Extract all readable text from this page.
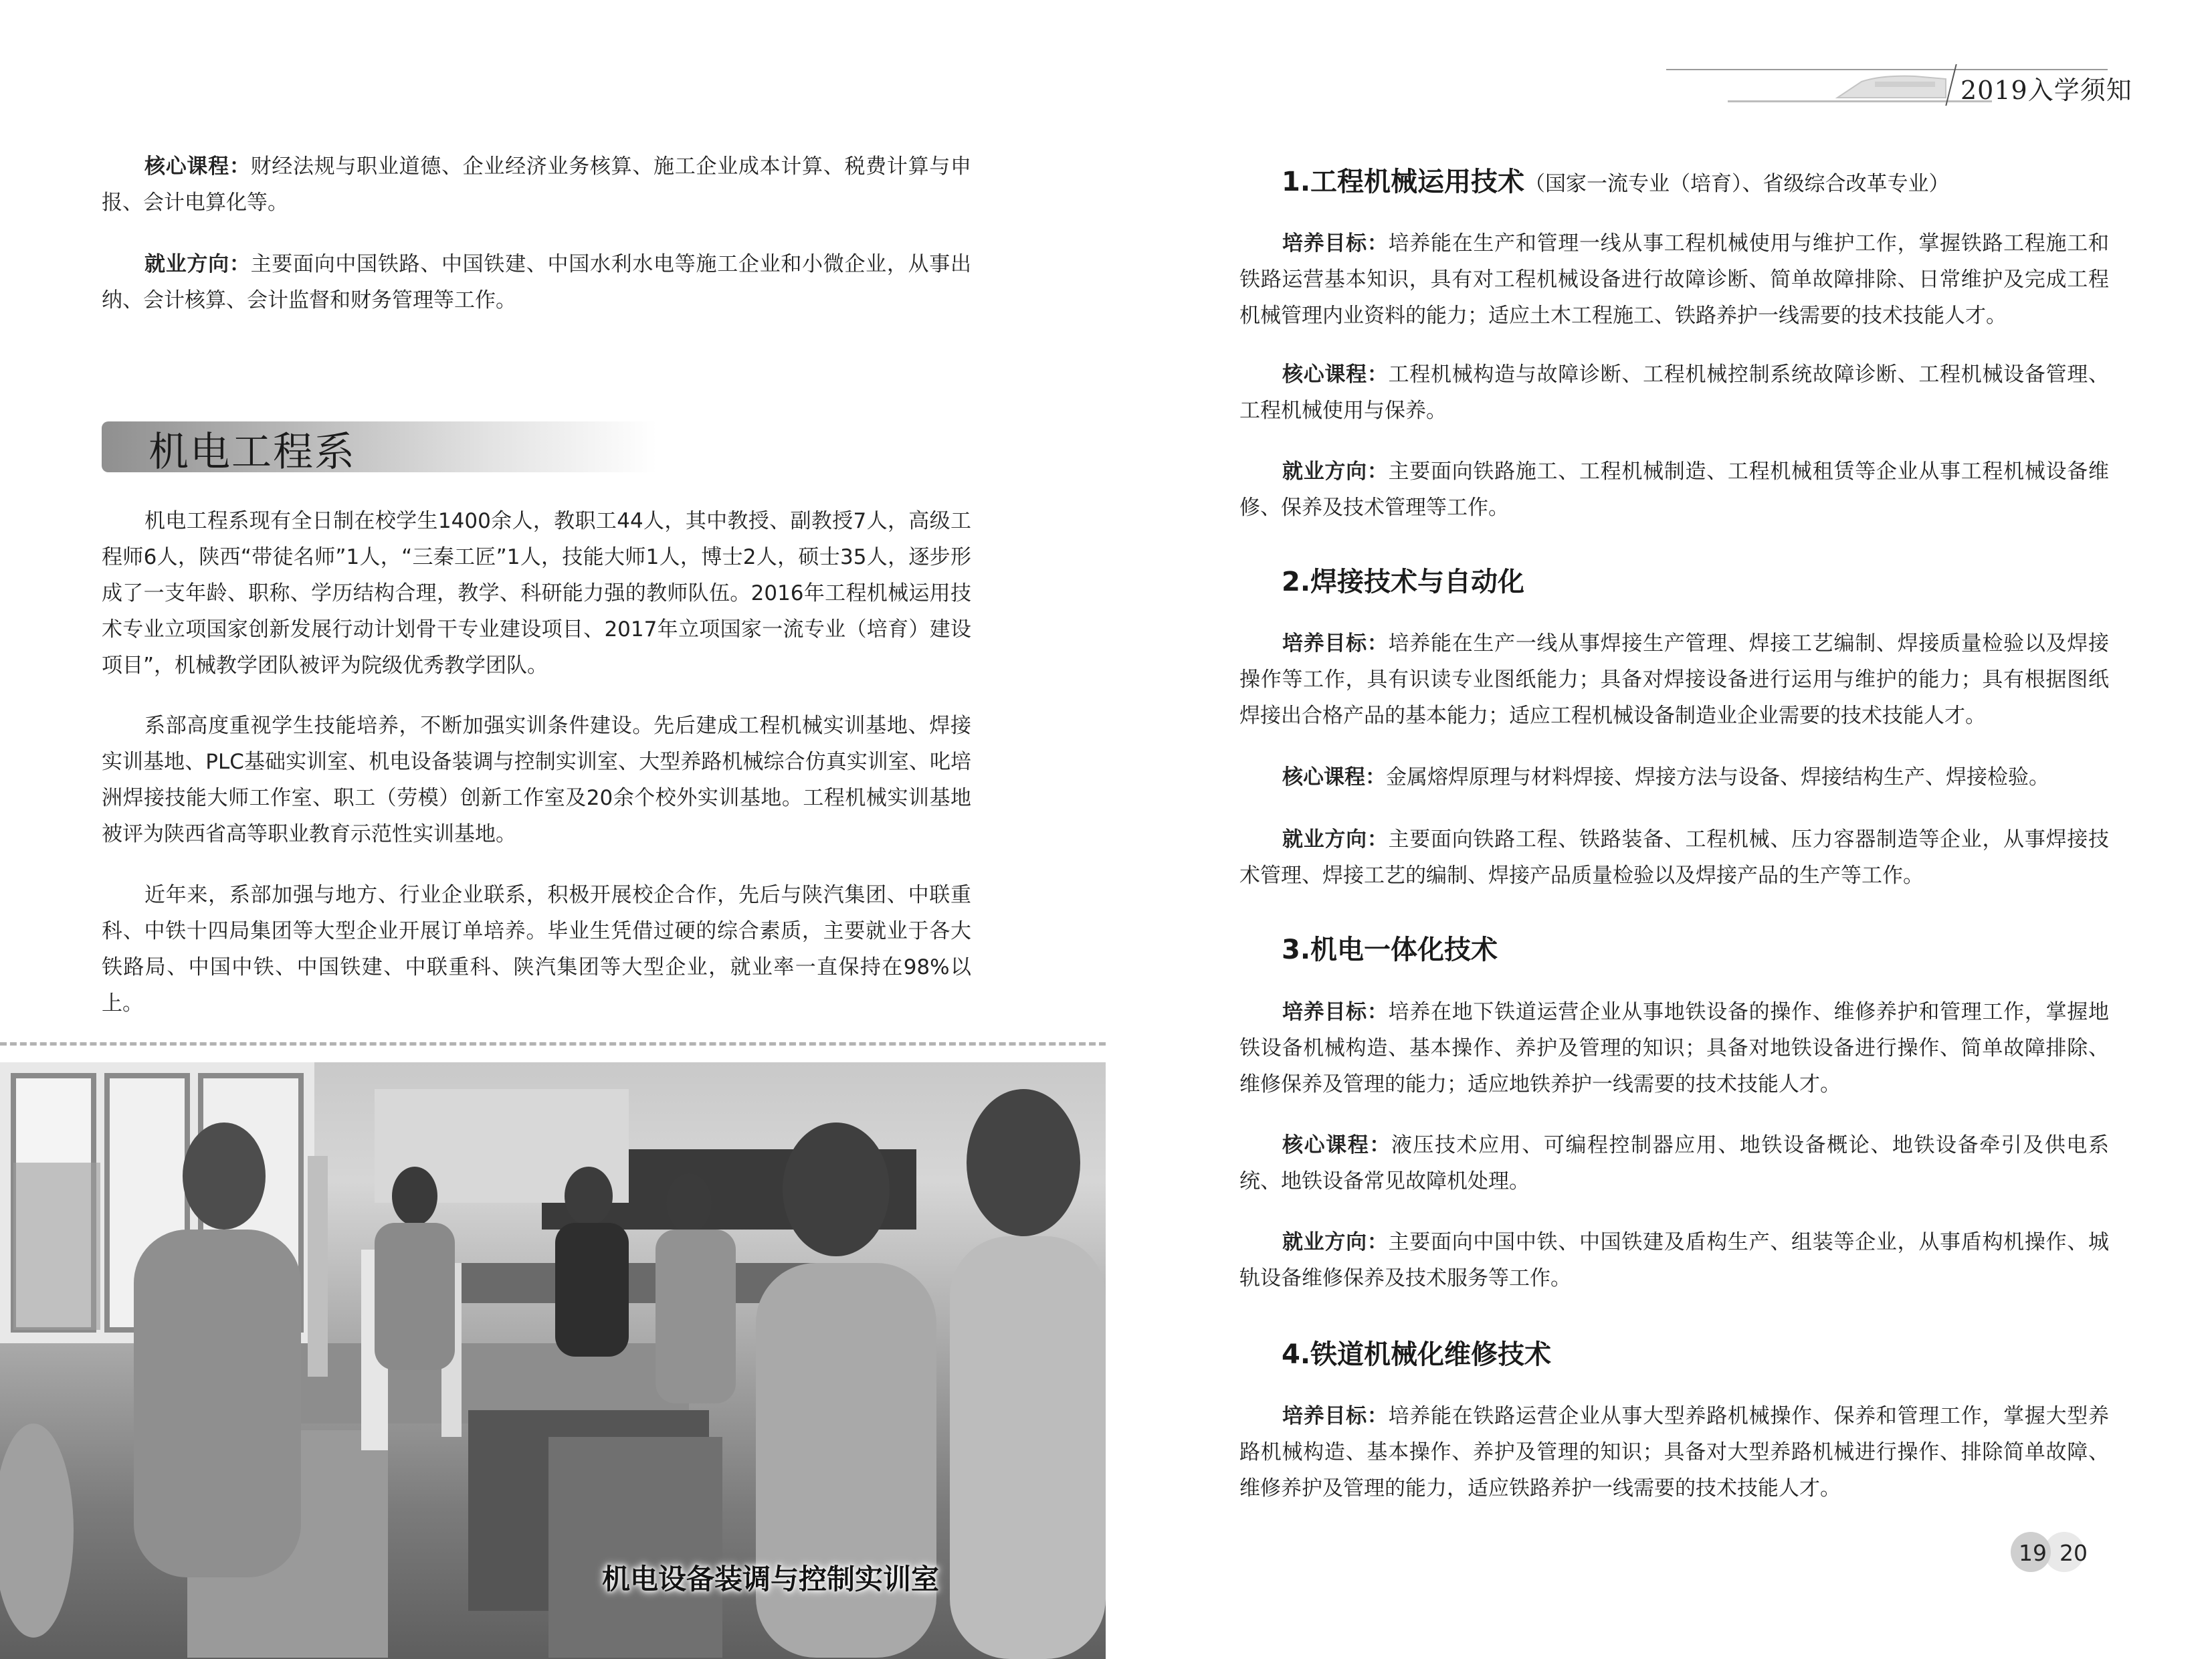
核心课程：财经法规与职业道德、企业经济业务核算、施工企业成本计算、税费计算与申报、会计电算化等。

就业方向：主要面向中国铁路、中国铁建、中国水利水电等施工企业和小微企业，从事出纳、会计核算、会计监督和财务管理等工作。

机电工程系

机电工程系现有全日制在校学生1400余人，教职工44人，其中教授、副教授7人，高级工程师6人，陕西“带徒名师”1人，“三秦工匠”1人，技能大师1人，博士2人，硕士35人，逐步形成了一支年龄、职称、学历结构合理，教学、科研能力强的教师队伍。2016年工程机械运用技术专业立项国家创新发展行动计划骨干专业建设项目、2017年立项国家一流专业（培育）建设项目”，机械教学团队被评为院级优秀教学团队。

系部高度重视学生技能培养，不断加强实训条件建设。先后建成工程机械实训基地、焊接实训基地、PLC基础实训室、机电设备装调与控制实训室、大型养路机械综合仿真实训室、叱培洲焊接技能大师工作室、职工（劳模）创新工作室及20余个校外实训基地。工程机械实训基地被评为陕西省高等职业教育示范性实训基地。

近年来，系部加强与地方、行业企业联系，积极开展校企合作，先后与陕汽集团、中联重科、中铁十四局集团等大型企业开展订单培养。毕业生凭借过硬的综合素质，主要就业于各大铁路局、中国中铁、中国铁建、中联重科、陕汽集团等大型企业，就业率一直保持在98%以上。

机电设备装调与控制实训室
2019入学须知

1.工程机械运用技术（国家一流专业（培育）、省级综合改革专业）

培养目标：培养能在生产和管理一线从事工程机械使用与维护工作，掌握铁路工程施工和铁路运营基本知识，具有对工程机械设备进行故障诊断、简单故障排除、日常维护及完成工程机械管理内业资料的能力；适应土木工程施工、铁路养护一线需要的技术技能人才。

核心课程：工程机械构造与故障诊断、工程机械控制系统故障诊断、工程机械设备管理、工程机械使用与保养。

就业方向：主要面向铁路施工、工程机械制造、工程机械租赁等企业从事工程机械设备维修、保养及技术管理等工作。

2.焊接技术与自动化

培养目标：培养能在生产一线从事焊接生产管理、焊接工艺编制、焊接质量检验以及焊接操作等工作，具有识读专业图纸能力；具备对焊接设备进行运用与维护的能力；具有根据图纸焊接出合格产品的基本能力；适应工程机械设备制造业企业需要的技术技能人才。

核心课程：金属熔焊原理与材料焊接、焊接方法与设备、焊接结构生产、焊接检验。

就业方向：主要面向铁路工程、铁路装备、工程机械、压力容器制造等企业，从事焊接技术管理、焊接工艺的编制、焊接产品质量检验以及焊接产品的生产等工作。

3.机电一体化技术

培养目标：培养在地下铁道运营企业从事地铁设备的操作、维修养护和管理工作，掌握地铁设备机械构造、基本操作、养护及管理的知识；具备对地铁设备进行操作、简单故障排除、维修保养及管理的能力；适应地铁养护一线需要的技术技能人才。

核心课程：液压技术应用、可编程控制器应用、地铁设备概论、地铁设备牵引及供电系统、地铁设备常见故障机处理。

就业方向：主要面向中国中铁、中国铁建及盾构生产、组装等企业，从事盾构机操作、城轨设备维修保养及技术服务等工作。

4.铁道机械化维修技术

培养目标：培养能在铁路运营企业从事大型养路机械操作、保养和管理工作，掌握大型养路机械构造、基本操作、养护及管理的知识；具备对大型养路机械进行操作、排除简单故障、维修养护及管理的能力，适应铁路养护一线需要的技术技能人才。

19 20
